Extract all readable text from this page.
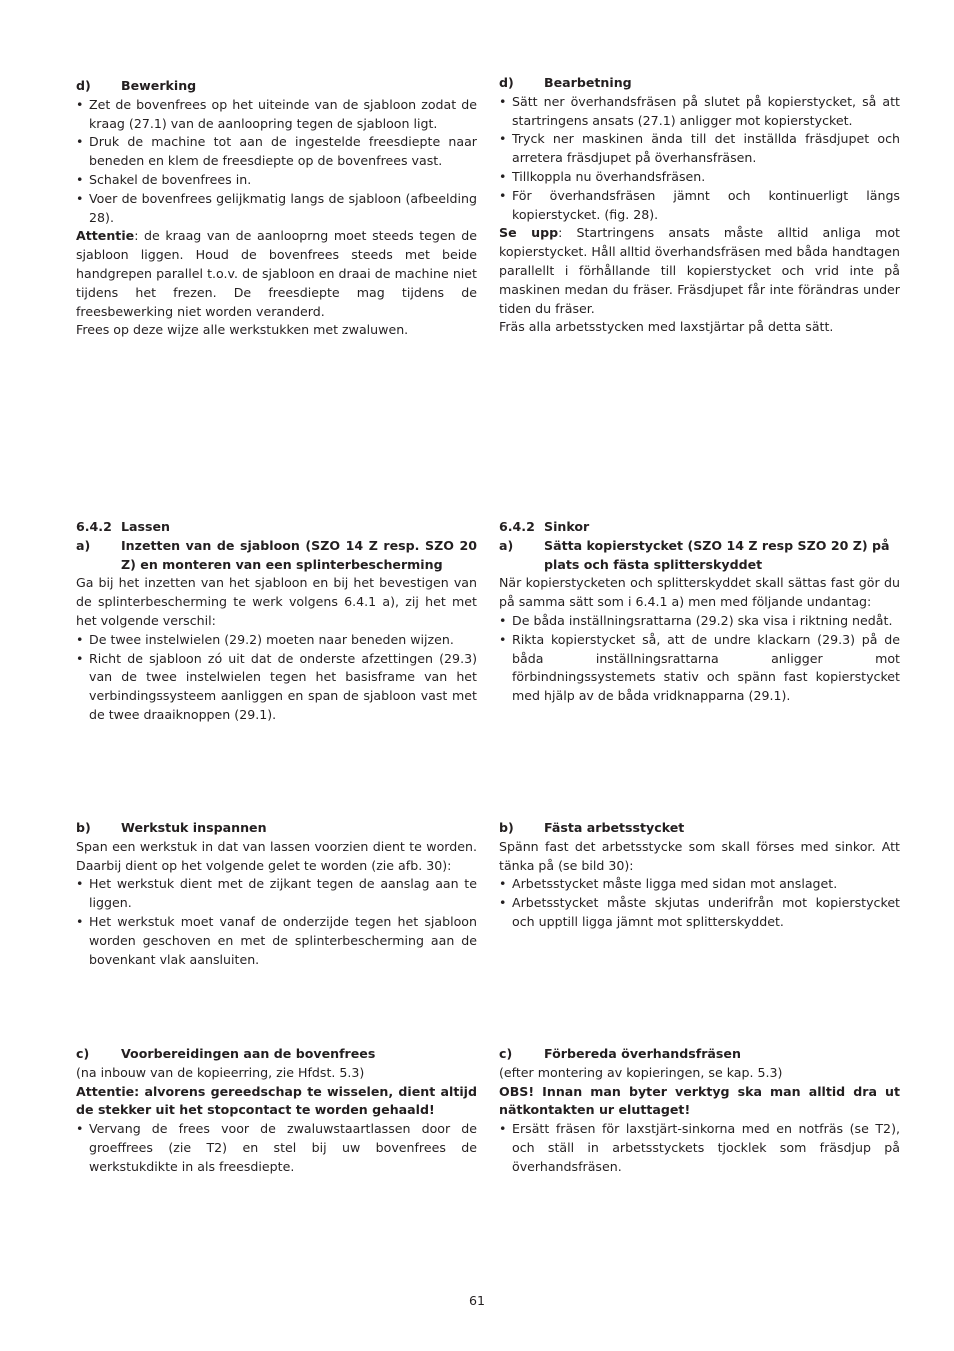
d)	Bewerking
• Zet de bovenfrees op het uiteinde van de sjabloon zodat de kraag (27.1) van de aanloopring tegen de sjabloon ligt.
• Druk de machine tot aan de ingestelde freesdiepte naar beneden en klem de freesdiepte op de bovenfrees vast.
• Schakel de bovenfrees in.
• Voer de bovenfrees gelijkmatig langs de sjabloon (afbeelding 28).
Attentie: de kraag van de aanlooprng moet steeds tegen de sjabloon liggen. Houd de bovenfrees steeds met beide handgrepen parallel t.o.v. de sjabloon en draai de machine niet tijdens het frezen. De freesdiepte mag tijdens de freesbewerking niet worden veranderd.
Frees op deze wijze alle werkstukken met zwaluwen.
6.4.2 Lassen
a)	Inzetten van de sjabloon (SZO 14 Z resp. SZO 20 Z) en monteren van een splinterbescherming
Ga bij het inzetten van het sjabloon en bij het bevestigen van de splinterbescherming te werk volgens 6.4.1 a), zij het met het volgende verschil:
• De twee instelwielen (29.2) moeten naar beneden wijzen.
• Richt de sjabloon zó uit dat de onderste afzettingen (29.3) van de twee instelwielen tegen het basisframe van het verbindingssysteem aanliggen en span de sjabloon vast met de twee draaiknoppen (29.1).
b)	Werkstuk inspannen
Span een werkstuk in dat van lassen voorzien dient te worden. Daarbij dient op het volgende gelet te worden (zie afb. 30):
• Het werkstuk dient met de zijkant tegen de aanslag aan te liggen.
• Het werkstuk moet vanaf de onderzijde tegen het sjabloon worden geschoven en met de splinterbescherming aan de bovenkant vlak aansluiten.
c)	Voorbereidingen aan de bovenfrees
(na inbouw van de kopieerring, zie Hfdst. 5.3)
Attentie: alvorens gereedschap te wisselen, dient altijd de stekker uit het stopcontact te worden gehaald!
• Vervang de frees voor de zwaluwstaartlassen door de groeffrees (zie T2) en stel bij uw bovenfrees de werkstukdikte in als freesdiepte.
d)	Bearbetning
• Sätt ner överhandsfräsen på slutet på kopierstycket, så att startringens ansats (27.1) anligger mot kopierstycket.
• Tryck ner maskinen ända till det inställda fräsdjupet och arretera fräsdjupet på överhansfräsen.
• Tillkoppla nu överhandsfräsen.
• För överhandsfräsen jämnt och kontinuerligt längs kopierstycket. (fig. 28).
Se upp: Startringens ansats måste alltid anliga mot kopierstycket. Håll alltid överhandsfräsen med båda handtagen parallellt i förhållande till kopierstycket och vrid inte på maskinen medan du fräser. Fräsdjupet får inte förändras under tiden du fräser.
Fräs alla arbetsstycken med laxstjärtar på detta sätt.
6.4.2 Sinkor
a)	Sätta kopierstycket (SZO 14 Z resp SZO 20 Z) på plats och fästa splitterskyddet
När kopierstycketen och splitterskyddet skall sättas fast gör du på samma sätt som i 6.4.1 a) men med följande undantag:
• De båda inställningsrattarna (29.2) ska visa i riktning nedåt.
• Rikta kopierstycket så, att de undre klackarn (29.3) på de båda inställningsrattarna anligger mot förbindningssystemets stativ och spänn fast kopierstycket med hjälp av de båda vridknapparna (29.1).
b)	Fästa arbetsstycket
Spänn fast det arbetsstycke som skall förses med sinkor. Att tänka på (se bild 30):
• Arbetsstycket måste ligga med sidan mot anslaget.
• Arbetsstycket måste skjutas underifrån mot kopierstycket och upptill ligga jämnt mot splitterskyddet.
c)	Förbereda överhandsfräsen
(efter montering av kopieringen, se kap. 5.3)
OBS! Innan man byter verktyg ska man alltid dra ut nätkontakten ur eluttaget!
• Ersätt fräsen för laxstjärt-sinkorna med en notfräs (se T2), och ställ in arbetsstyckets tjocklek som fräsdjup på överhandsfräsen.
61
